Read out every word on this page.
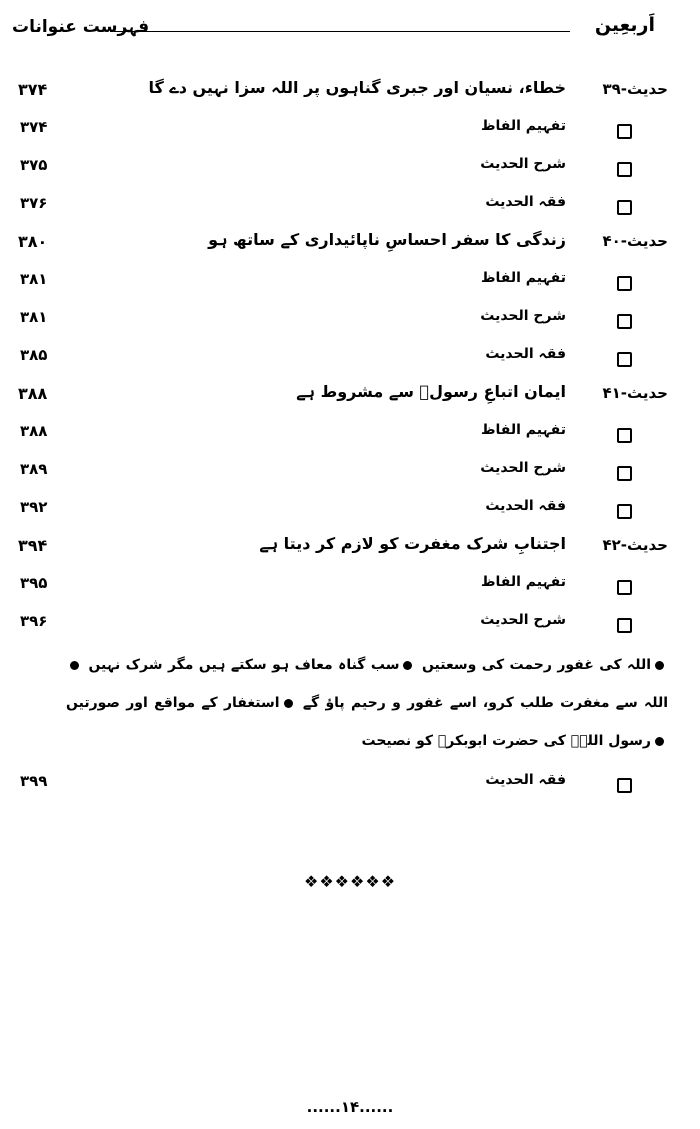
اَربعِین
فہرست عنوانات
حدیث-۳۹
خطاء، نسیان اور جبری گناہوں پر اللہ سزا نہیں دے گا
۳۷۴
تفہیم الفاظ
۳۷۴
شرح الحدیث
۳۷۵
فقہ الحدیث
۳۷۶
حدیث-۴۰
زندگی کا سفر احساسِ ناپائیداری کے ساتھ ہو
۳۸۰
تفہیم الفاظ
۳۸۱
شرح الحدیث
۳۸۱
فقہ الحدیث
۳۸۵
حدیث-۴۱
ایمان اتباعِ رسولؐ سے مشروط ہے
۳۸۸
تفہیم الفاظ
۳۸۸
شرح الحدیث
۳۸۹
فقہ الحدیث
۳۹۲
حدیث-۴۲
اجتنابِ شرک مغفرت کو لازم کر دیتا ہے
۳۹۴
تفہیم الفاظ
۳۹۵
شرح الحدیث
۳۹۶
اللہ کی غفور رحمت کی وسعتیں سب گناہ معاف ہو سکتے ہیں مگر شرک نہیں اللہ سے مغفرت طلب کرو، اسے غفور و رحیم پاؤ گے استغفار کے مواقع اور صورتیں رسول اللہؐ کی حضرت ابوبکرؓ کو نصیحت
فقہ الحدیث
۳۹۹
❖❖❖❖❖❖
......۱۴......
